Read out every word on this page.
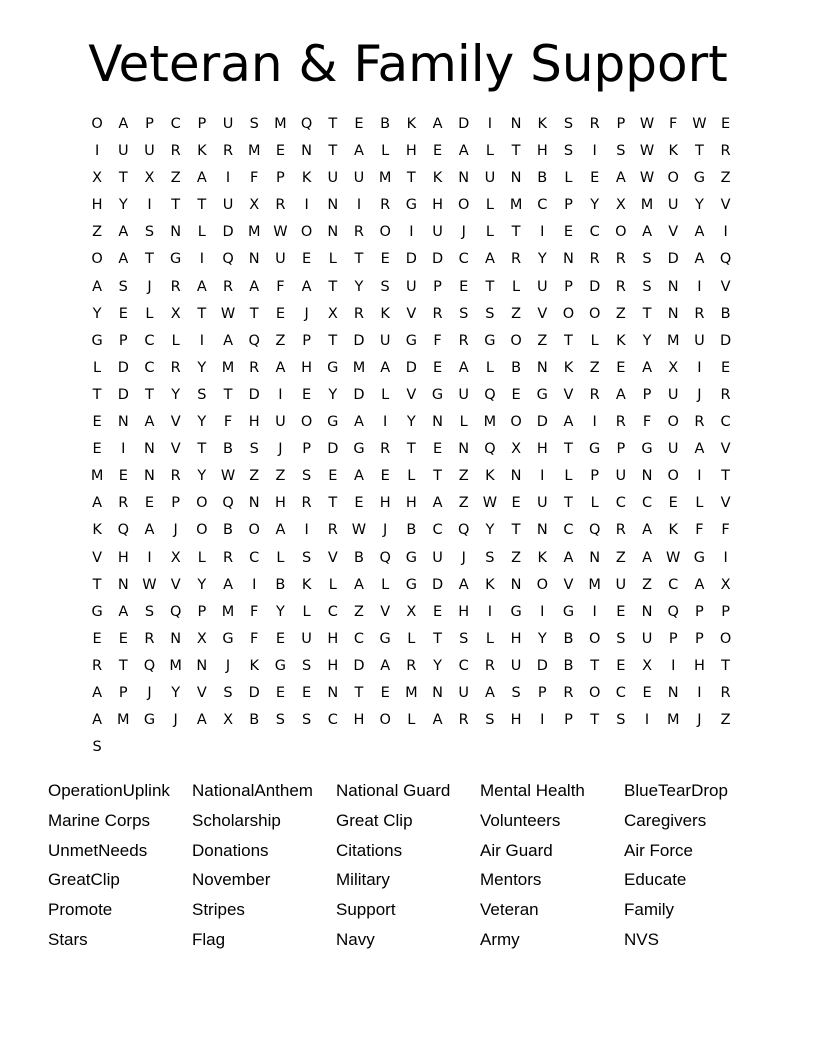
Veteran & Family Support
O	A	P	C	P	U	S	M Q	T	E	B	K	A	D	I	N	K	S	R	P	W	F	W E
I	U	U	R	K	R	M	E	N	T	A	L	H	E	A	L	T	H	S	I	S W K	T	R
X	T	X	Z	A	I	F	P	K	U	U	M	T	K	N	U	N	B	L	E	A W O	G	Z
H	Y	I	T	T	U	X	R	I	N	I	R	G	H	O	L	M	C	P	Y	X	M	U	Y	V
Z	A	S	N	L	D M W O	N	R	O	I	U	J	L	T	I	E	C	O	A	V	A	I
O	A	T	G	I	Q	N	U	E	L	T	E	D	D	C	A	R	Y	N	R	R	S	D	A	Q
A	S	J	R	A	R	A	F	A	T	Y	S	U	P	E	T	L	U	P	D	R	S	N	I	V
Y	E	L	X	T	W	T	E	J	X	R	K	V	R	S	S	Z	V	O	O	Z	T	N	R	B
G	P	C	L	I	A	Q	Z	P	T	D	U	G	F	R	G	O	Z	T	L	K	Y	M	U	D
L	D	C	R	Y	M	R	A	H	G M	A	D	E	A	L	B	N	K	Z	E	A	X	I	E
T	D	T	Y	S	T	D	I	E	Y	D	L	V	G	U	Q	E	G	V	R	A	P	U	J	R
E	N	A	V	Y	F	H	U	O	G	A	I	Y	N	L	M O	D	A	I	R	F	O	R	C
E	I	N	V	T	B	S	J	P	D	G	R	T	E	N	Q	X	H	T	G	P	G	U	A	V
M	E	N	R	Y	W Z	Z	S	E	A	E	L	T	Z	K	N	I	L	P	U	N	O	I	T
A	R	E	P	O	Q	N	H	R	T	E	H	H	A	Z W E	U	T	L	C	C	E	L	V
K	Q	A	J	O	B	O	A	I	R W	J	B	C	Q	Y	T	N	C	Q	R	A	K	F	F
V	H	I	X	L	R	C	L	S	V	B	Q	G	U	J	S	Z	K	A	N	Z	A W G	I
T	N W V	Y	A	I	B	K	L	A	L	G	D	A	K	N	O	V	M	U	Z	C	A	X
G	A	S	Q	P	M	F	Y	L	C	Z	V	X	E	H	I	G	I	G	I	E	N	Q	P	P
E	E	R	N	X	G	F	E	U	H	C	G	L	T	S	L	H	Y	B	O	S	U	P	P	O
R	T	Q M	N	J	K	G	S	H	D	A	R	Y	C	R	U	D	B	T	E	X	I	H	T
A	P	J	Y	V	S	D	E	E	N	T	E	M	N	U	A	S	P	R	O	C	E	N	I	R
A	M G	J	A	X	B	S	S	C	H	O	L	A	R	S	H	I	P	T	S	I	M	J	Z
S
OperationUplink	NationalAnthem	National Guard	Mental Health	BlueTearDrop
Marine Corps	Scholarship	Great Clip	Volunteers	Caregivers
UnmetNeeds	Donations	Citations	Air Guard	Air Force
GreatClip	November	Military	Mentors	Educate
Promote	Stripes	Support	Veteran	Family
Stars	Flag	Navy	Army	NVS
